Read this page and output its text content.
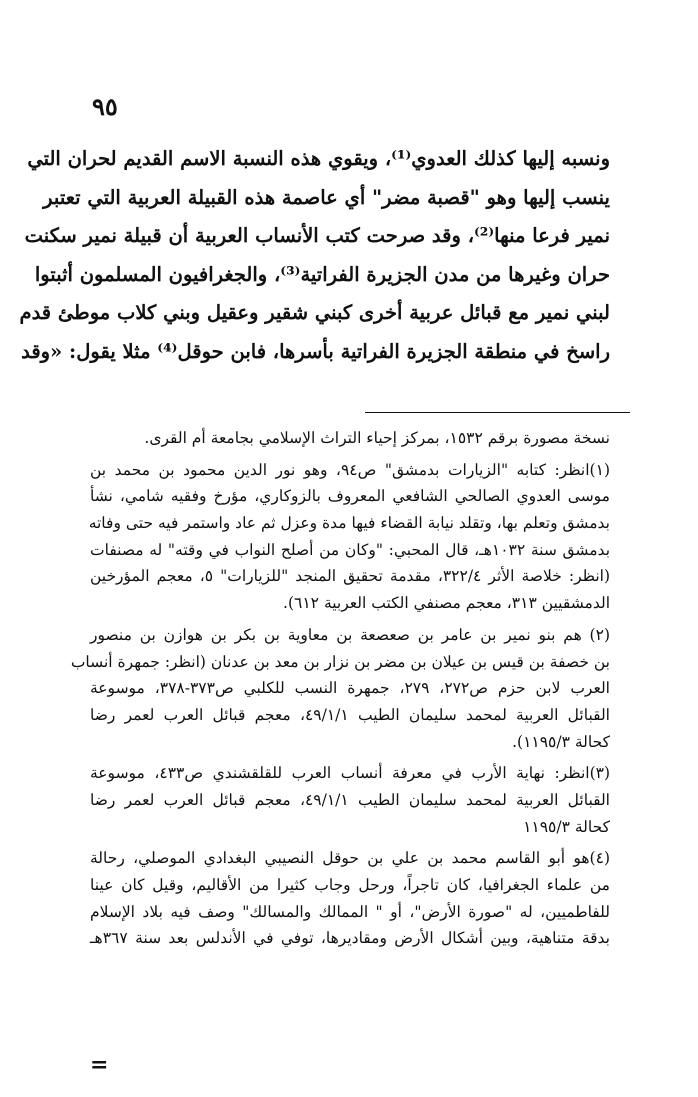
٩٥
ونسبه إليها كذلك العدوي⁽¹⁾، ويقوي هذه النسبة الاسم القديم لحران التي
ينسب إليها وهو "قصبة مضر" أي عاصمة هذه القبيلة العربية التي تعتبر
نمير فرعا منها⁽²⁾، وقد صرحت كتب الأنساب العربية أن قبيلة نمير سكنت
حران وغيرها من مدن الجزيرة الفراتية⁽³⁾، والجغرافيون المسلمون أثبتوا
لبني نمير مع قبائل عربية أخرى كبني شقير وعقيل وبني كلاب موطئ قدم
راسخ في منطقة الجزيرة الفراتية بأسرها، فابن حوقل⁽⁴⁾ مثلا يقول: «وقد
نسخة مصورة برقم ١٥٣٢، بمركز إحياء التراث الإسلامي بجامعة أم القرى.
(١)انظر: كتابه "الزيارات بدمشق" ص٩٤، وهو نور الدين محمود بن محمد بن
موسى العدوي الصالحي الشافعي المعروف بالزوكاري، مؤرخ وفقيه شامي، نشأ
بدمشق وتعلم بها، وتقلد نيابة القضاء فيها مدة وعزل ثم عاد واستمر فيه حتى وفاته
بدمشق سنة ١٠٣٢هـ، قال المحبي: "وكان من أصلح النواب في وقته" له مصنفات
(انظر: خلاصة الأثر ٣٢٢/٤، مقدمة تحقيق المنجد "للزيارات" ٥، معجم المؤرخين
الدمشقيين ٣١٣، معجم مصنفي الكتب العربية ٦١٢).
(٢) هم بنو نمير بن عامر بن صعصعة بن معاوية بن بكر بن هوازن بن منصور
بن خصفة بن قيس بن عيلان بن مضر بن نزار بن معد بن عدنان (انظر: جمهرة أنساب
العرب لابن حزم ص٢٧٢، ٢٧٩، جمهرة النسب للكلبي ص٣٧٣-٣٧٨، موسوعة
القبائل العربية لمحمد سليمان الطيب ٤٩/١/١، معجم قبائل العرب لعمر رضا
كحالة ١١٩٥/٣).
(٣)انظر: نهاية الأرب في معرفة أنساب العرب للقلقشندي ص٤٣٣، موسوعة
القبائل العربية لمحمد سليمان الطيب ٤٩/١/١، معجم قبائل العرب لعمر رضا
كحالة ١١٩٥/٣
(٤)هو أبو القاسم محمد بن علي بن حوقل النصيبي البغدادي الموصلي، رحالة
من علماء الجغرافيا، كان تاجراً، ورحل وجاب كثيرا من الأقاليم، وقيل كان عينا
للفاطميين، له "صورة الأرض"، أو " الممالك والمسالك" وصف فيه بلاد الإسلام
بدقة متناهية، وبين أشكال الأرض ومقاديرها، توفي في الأندلس بعد سنة ٣٦٧هـ
=
